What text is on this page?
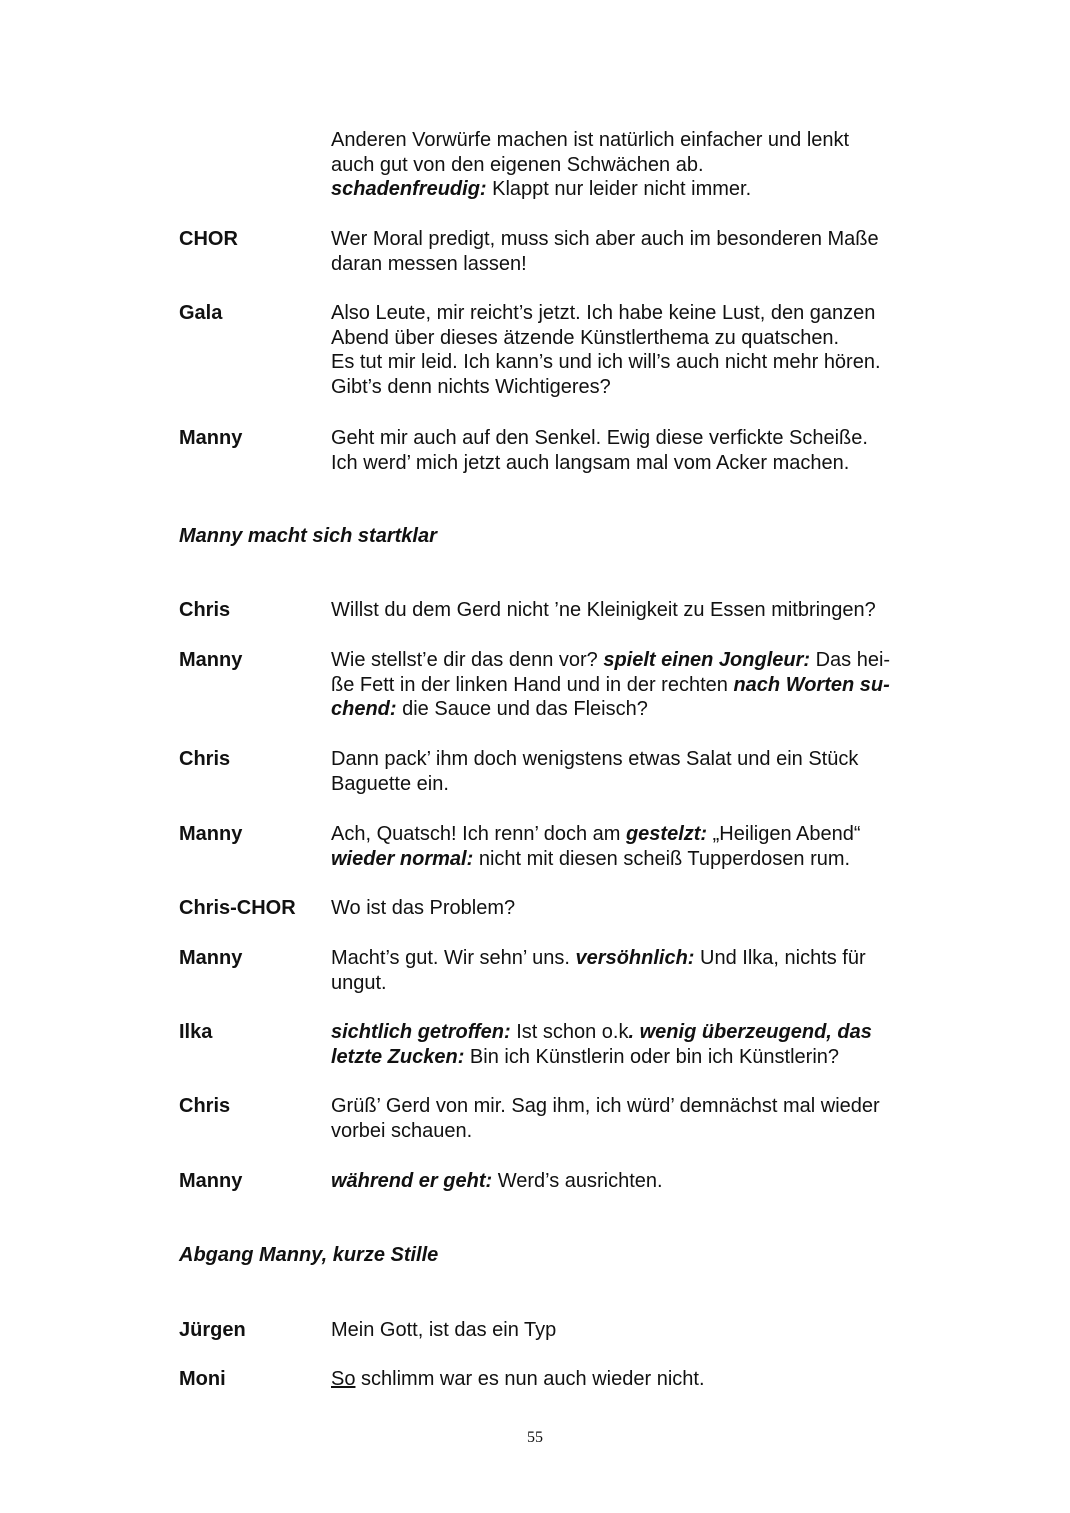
Anderen Vorwürfe machen ist natürlich einfacher und lenkt
auch gut von den eigenen Schwächen ab.
schadenfreudig: Klappt nur leider nicht immer.
CHOR	Wer Moral predigt, muss sich aber auch im besonderen Maße
daran messen lassen!
Gala	Also Leute, mir reicht’s jetzt. Ich habe keine Lust, den ganzen
Abend über dieses ätzende Künstlerthema zu quatschen.
Es tut mir leid. Ich kann’s und ich will’s auch nicht mehr hören.
Gibt’s denn nichts Wichtigeres?
Manny	Geht mir auch auf den Senkel. Ewig diese verfickte Scheiße.
Ich werd’ mich jetzt auch langsam mal vom Acker machen.
Manny macht sich startklar
Chris	Willst du dem Gerd nicht ’ne Kleinigkeit zu Essen mitbringen?
Manny	Wie stellst’e dir das denn vor? spielt einen Jongleur: Das hei-
ße Fett in der linken Hand und in der rechten nach Worten su-
chend: die Sauce und das Fleisch?
Chris	Dann pack’ ihm doch wenigstens etwas Salat und ein Stück
Baguette ein.
Manny	Ach, Quatsch! Ich renn’ doch am gestelzt: „Heiligen Abend“
wieder normal: nicht mit diesen scheiß Tupperdosen rum.
Chris-CHOR Wo ist das Problem?
Manny	Macht’s gut. Wir sehn’ uns. versöhnlich: Und Ilka, nichts für
ungut.
Ilka	sichtlich getroffen: Ist schon o.k. wenig überzeugend, das
letzte Zucken: Bin ich Künstlerin oder bin ich Künstlerin?
Chris	Grüß’ Gerd von mir. Sag ihm, ich würd’ demnächst mal wieder
vorbei schauen.
Manny	während er geht: Werd’s ausrichten.
Abgang Manny, kurze Stille
Jürgen	Mein Gott, ist das ein Typ
Moni	So schlimm war es nun auch wieder nicht.
55
